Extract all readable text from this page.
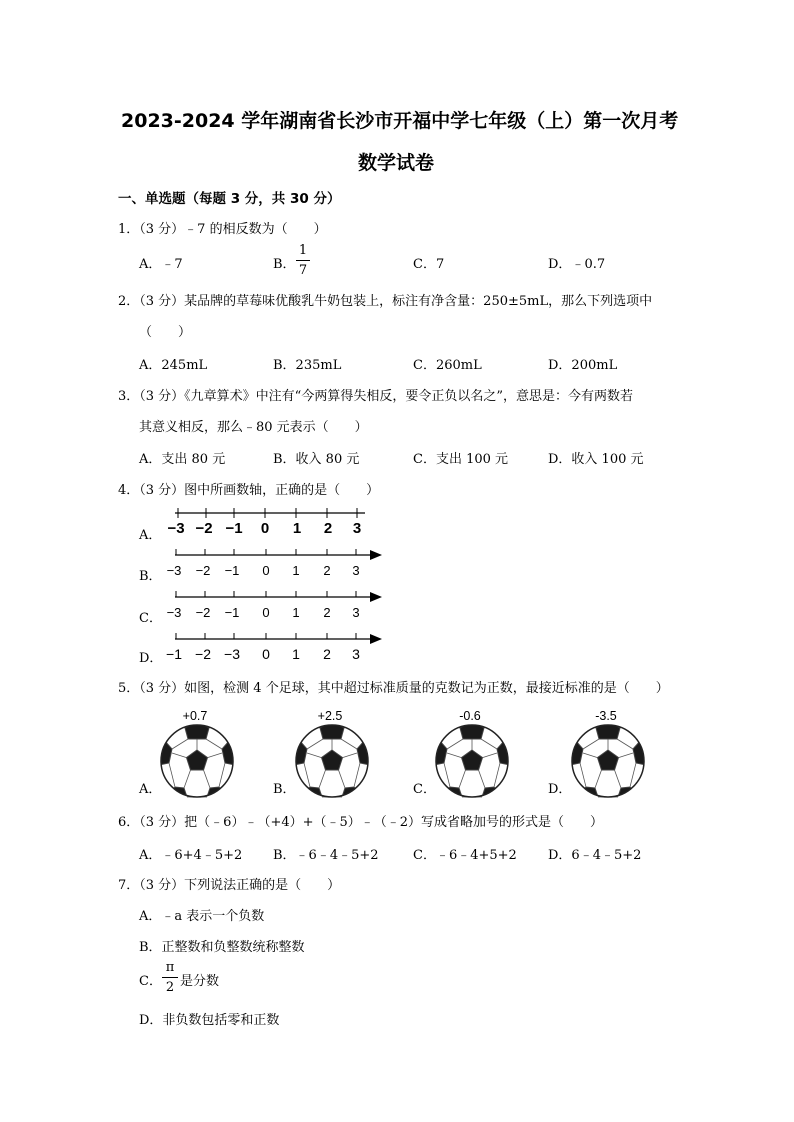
2023-2024 学年湖南省长沙市开福中学七年级（上）第一次月考
数学试卷
一、单选题（每题 3 分，共 30 分）
1．（3 分）﹣7 的相反数为（　　）
A．﹣7	B．
1
7	C．7	D．﹣0.7
2．（3 分）某品牌的草莓味优酸乳牛奶包装上，标注有净含量：250±5mL，那么下列选项中
（　　）
A．245mL	B．235mL	C．260mL	D．200mL
3．（3 分）《九章算术》中注有“今两算得失相反，要令正负以名之”，意思是：今有两数若
其意义相反，那么﹣80 元表示（　　）
A．支出 80 元	B．收入 80 元	C．支出 100 元	D．收入 100 元
4．（3 分）图中所画数轴，正确的是（　　）
A． −3 −2 −1 0 1 2 3
B． −3 −2 −1 0 1 2 3
C． −3 −2 −1 0 1 2 3
D． −1 −2 −3 0 1 2 3
5．（3 分）如图，检测 4 个足球，其中超过标准质量的克数记为正数，最接近标准的是（　　）
+0.7
A．
+2.5
B．
-0.6
C．
-3.5
D．
6．（3 分）把（﹣6）﹣（+4）+（﹣5）﹣（﹣2）写成省略加号的形式是（　　）
A．﹣6+4﹣5+2 B．﹣6﹣4﹣5+2	C．﹣6﹣4+5+2 D．6﹣4﹣5+2
7．（3 分）下列说法正确的是（　　）
A．﹣a 表示一个负数
B．正整数和负整数统称整数
C．
π
2 是分数
D．非负数包括零和正数
